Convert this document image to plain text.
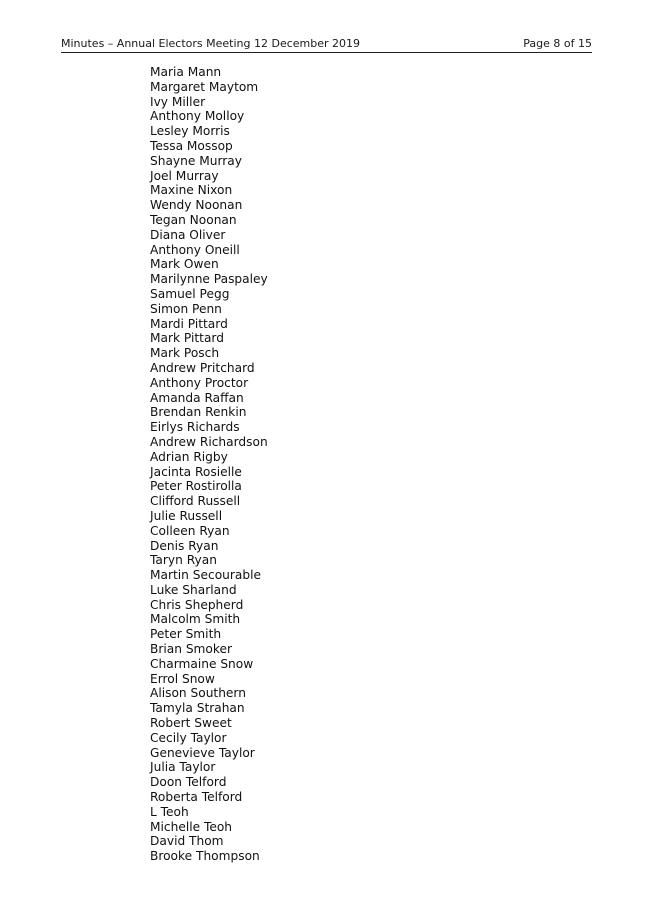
Minutes – Annual Electors Meeting 12 December 2019	Page 8 of 15
Maria Mann
Margaret Maytom
Ivy Miller
Anthony Molloy
Lesley Morris
Tessa Mossop
Shayne Murray
Joel Murray
Maxine Nixon
Wendy Noonan
Tegan Noonan
Diana Oliver
Anthony Oneill
Mark Owen
Marilynne Paspaley
Samuel Pegg
Simon Penn
Mardi Pittard
Mark Pittard
Mark Posch
Andrew Pritchard
Anthony Proctor
Amanda Raffan
Brendan Renkin
Eirlys Richards
Andrew Richardson
Adrian Rigby
Jacinta Rosielle
Peter Rostirolla
Clifford Russell
Julie Russell
Colleen Ryan
Denis Ryan
Taryn Ryan
Martin Secourable
Luke Sharland
Chris Shepherd
Malcolm Smith
Peter Smith
Brian Smoker
Charmaine Snow
Errol Snow
Alison Southern
Tamyla Strahan
Robert Sweet
Cecily Taylor
Genevieve Taylor
Julia Taylor
Doon Telford
Roberta Telford
L Teoh
Michelle Teoh
David Thom
Brooke Thompson
